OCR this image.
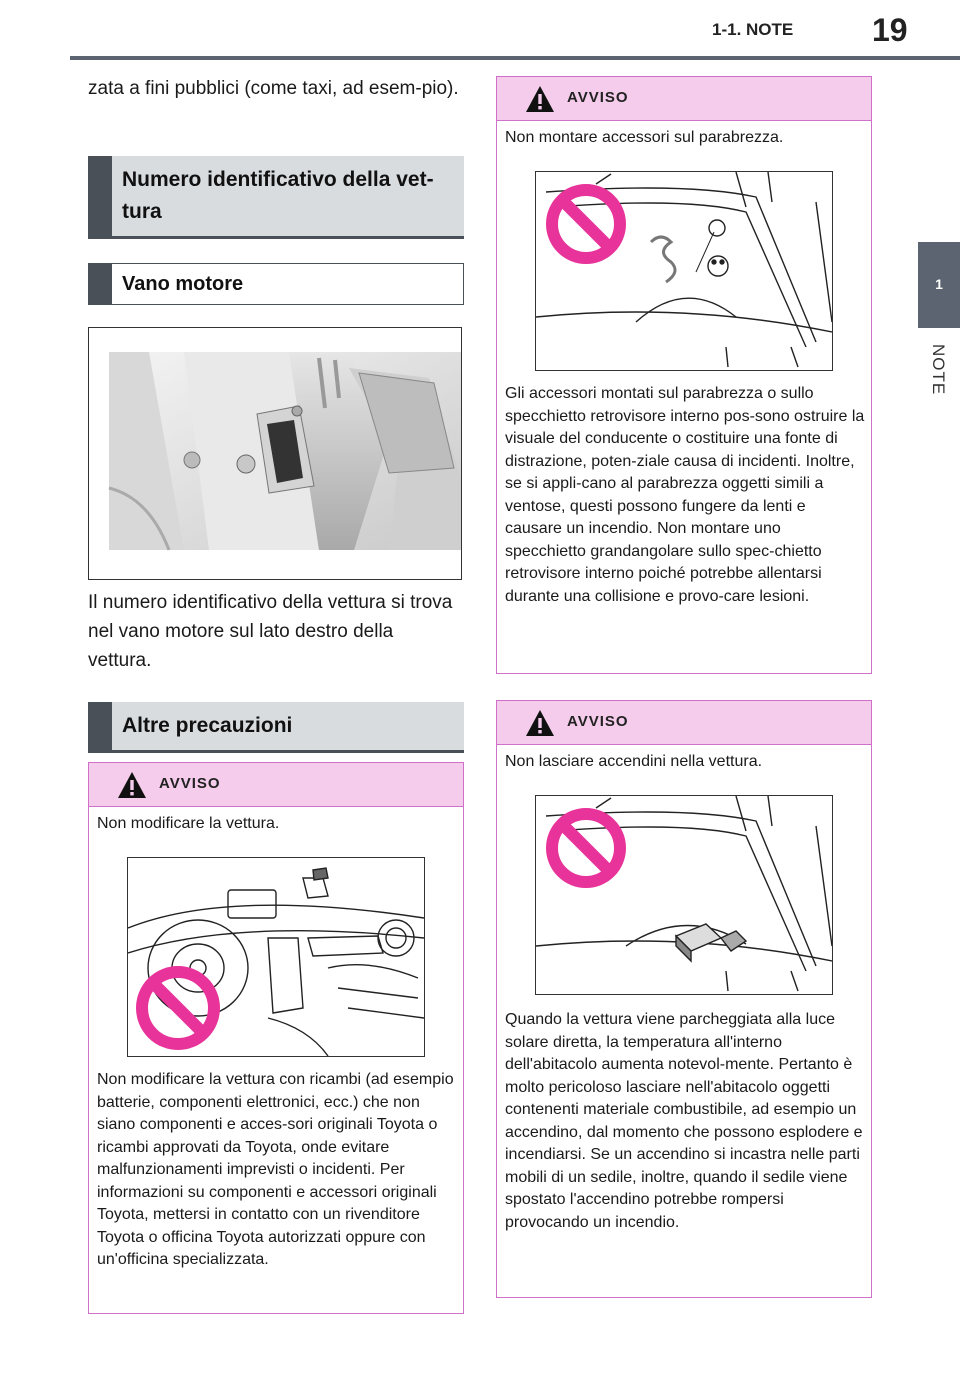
1-1. NOTE 19
1
NOTE
zata a fini pubblici (come taxi, ad esem-pio).
Numero identificativo della vet-tura
Vano motore
Il numero identificativo della vettura si trova nel vano motore sul lato destro della vettura.
Altre precauzioni
AVVISO
Non modificare la vettura.
Non modificare la vettura con ricambi (ad esempio batterie, componenti elettronici, ecc.) che non siano componenti e acces-sori originali Toyota o ricambi approvati da Toyota, onde evitare malfunzionamenti imprevisti o incidenti. Per informazioni su componenti e accessori originali Toyota, mettersi in contatto con un rivenditore Toyota o officina Toyota autorizzati oppure con un'officina specializzata.
AVVISO
Non montare accessori sul parabrezza.
Gli accessori montati sul parabrezza o sullo specchietto retrovisore interno pos-sono ostruire la visuale del conducente o costituire una fonte di distrazione, poten-ziale causa di incidenti. Inoltre, se si appli-cano al parabrezza oggetti simili a ventose, questi possono fungere da lenti e causare un incendio. Non montare uno specchietto grandangolare sullo spec-chietto retrovisore interno poiché potrebbe allentarsi durante una collisione e provo-care lesioni.
AVVISO
Non lasciare accendini nella vettura.
Quando la vettura viene parcheggiata alla luce solare diretta, la temperatura all'interno dell'abitacolo aumenta notevol-mente. Pertanto è molto pericoloso lasciare nell'abitacolo oggetti contenenti materiale combustibile, ad esempio un accendino, dal momento che possono esplodere e incendiarsi. Se un accendino si incastra nelle parti mobili di un sedile, inoltre, quando il sedile viene spostato l'accendino potrebbe rompersi provocando un incendio.
